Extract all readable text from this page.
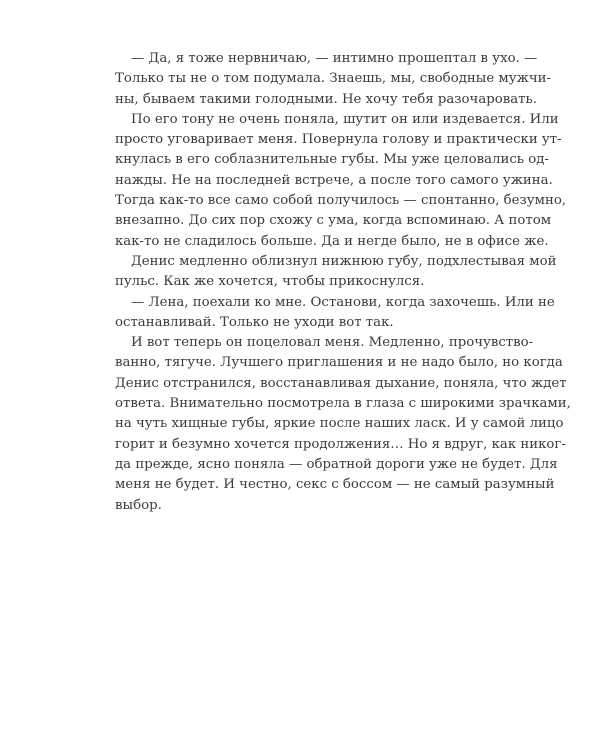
— Да, я тоже нервничаю, — интимно прошептал в ухо. —
Только ты не о том подумала. Знаешь, мы, свободные мужчи-
ны, бываем такими голодными. Не хочу тебя разочаровать.
По его тону не очень поняла, шутит он или издевается. Или
просто уговаривает меня. Повернула голову и практически ут-
кнулась в его соблазнительные губы. Мы уже целовались од-
нажды. Не на последней встрече, а после того самого ужина.
Тогда как-то все само собой получилось — спонтанно, безумно,
внезапно. До сих пор схожу с ума, когда вспоминаю. А потом
как-то не сладилось больше. Да и негде было, не в офисе же.
Денис медленно облизнул нижнюю губу, подхлестывая мой
пульс. Как же хочется, чтобы прикоснулся.
— Лена, поехали ко мне. Останови, когда захочешь. Или не
останавливай. Только не уходи вот так.
И вот теперь он поцеловал меня. Медленно, прочувство-
ванно, тягуче. Лучшего приглашения и не надо было, но когда
Денис отстранился, восстанавливая дыхание, поняла, что ждет
ответа. Внимательно посмотрела в глаза с широкими зрачками,
на чуть хищные губы, яркие после наших ласк. И у самой лицо
горит и безумно хочется продолжения… Но я вдруг, как никог-
да прежде, ясно поняла — обратной дороги уже не будет. Для
меня не будет. И честно, секс с боссом — не самый разумный
выбор.
